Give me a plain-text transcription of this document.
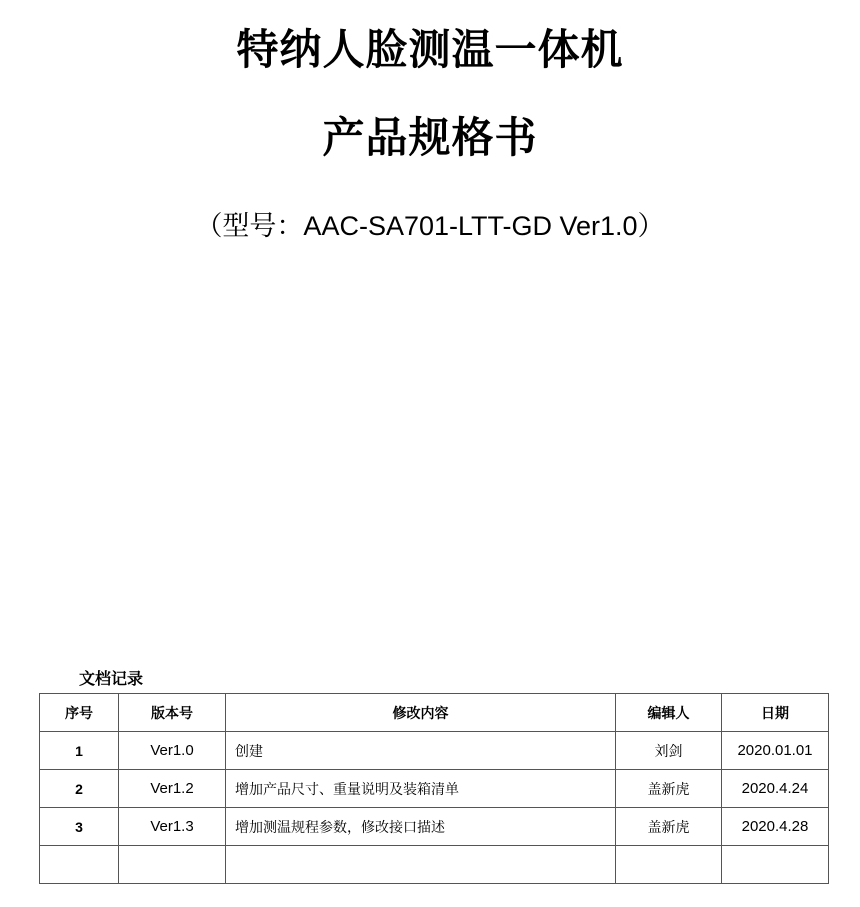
特纳人脸测温一体机
产品规格书
（型号：AAC-SA701-LTT-GD Ver1.0）
文档记录
序号	版本号	修改内容	编辑人	日期
1	Ver1.0	创建	刘剑	2020.01.01
2	Ver1.2	增加产品尺寸、重量说明及装箱清单	盖新虎	2020.4.24
3	Ver1.3	增加测温规程参数，修改接口描述	盖新虎	2020.4.28
